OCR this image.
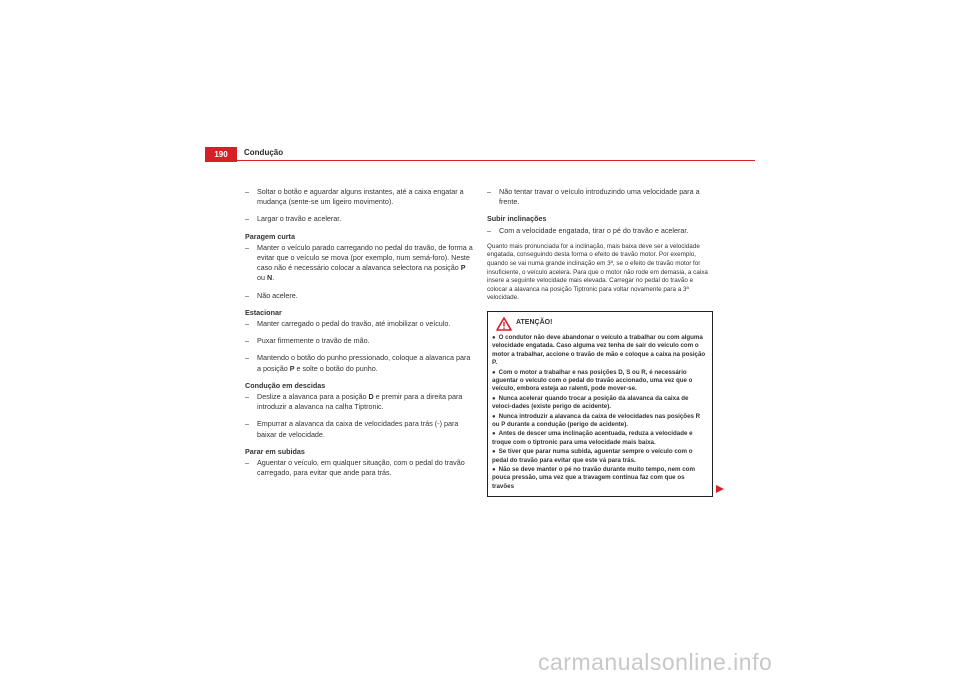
190	Condução
– Soltar o botão e aguardar alguns instantes, até a caixa engatar a mudança (sente-se um ligeiro movimento).
– Largar o travão e acelerar.
Paragem curta
– Manter o veículo parado carregando no pedal do travão, de forma a evitar que o veículo se mova (por exemplo, num semá-foro). Neste caso não é necessário colocar a alavanca selectora na posição P ou N.
– Não acelere.
Estacionar
– Manter carregado o pedal do travão, até imobilizar o veículo.
– Puxar firmemente o travão de mão.
– Mantendo o botão do punho pressionado, coloque a alavanca para a posição P e solte o botão do punho.
Condução em descidas
– Deslize a alavanca para a posição D e premir para a direita para introduzir a alavanca na calha Tiptronic.
– Empurrar a alavanca da caixa de velocidades para trás (-) para baixar de velocidade.
Parar em subidas
– Aguentar o veículo, em qualquer situação, com o pedal do travão carregado, para evitar que ande para trás.
– Não tentar travar o veículo introduzindo uma velocidade para a frente.
Subir inclinações
– Com a velocidade engatada, tirar o pé do travão e acelerar.
Quanto mais pronunciada for a inclinação, mais baixa deve ser a velocidade engatada, conseguindo desta forma o efeito de travão motor. Por exemplo, quando se vai numa grande inclinação em 3ª, se o efeito de travão motor for insuficiente, o veículo acelera. Para que o motor não rode em demasia, a caixa insere a seguinte velocidade mais elevada. Carregar no pedal do travão e colocar a alavanca na posição Tiptronic para voltar novamente para a 3ª velocidade.
ATENÇÃO!
● O condutor não deve abandonar o veículo a trabalhar ou com alguma velocidade engatada. Caso alguma vez tenha de sair do veículo com o motor a trabalhar, accione o travão de mão e coloque a caixa na posição P.
● Com o motor a trabalhar e nas posições D, S ou R, é necessário aguentar o veículo com o pedal do travão accionado, uma vez que o veículo, embora esteja ao ralenti, pode mover-se.
● Nunca acelerar quando trocar a posição da alavanca da caixa de veloci-dades (existe perigo de acidente).
● Nunca introduzir a alavanca da caixa de velocidades nas posições R ou P durante a condução (perigo de acidente).
● Antes de descer uma inclinação acentuada, reduza a velocidade e troque com o tiptronic para uma velocidade mais baixa.
● Se tiver que parar numa subida, aguentar sempre o veículo com o pedal do travão para evitar que este vá para trás.
● Não se deve manter o pé no travão durante muito tempo, nem com pouca pressão, uma vez que a travagem contínua faz com que os travões
carmanualsonline.info
